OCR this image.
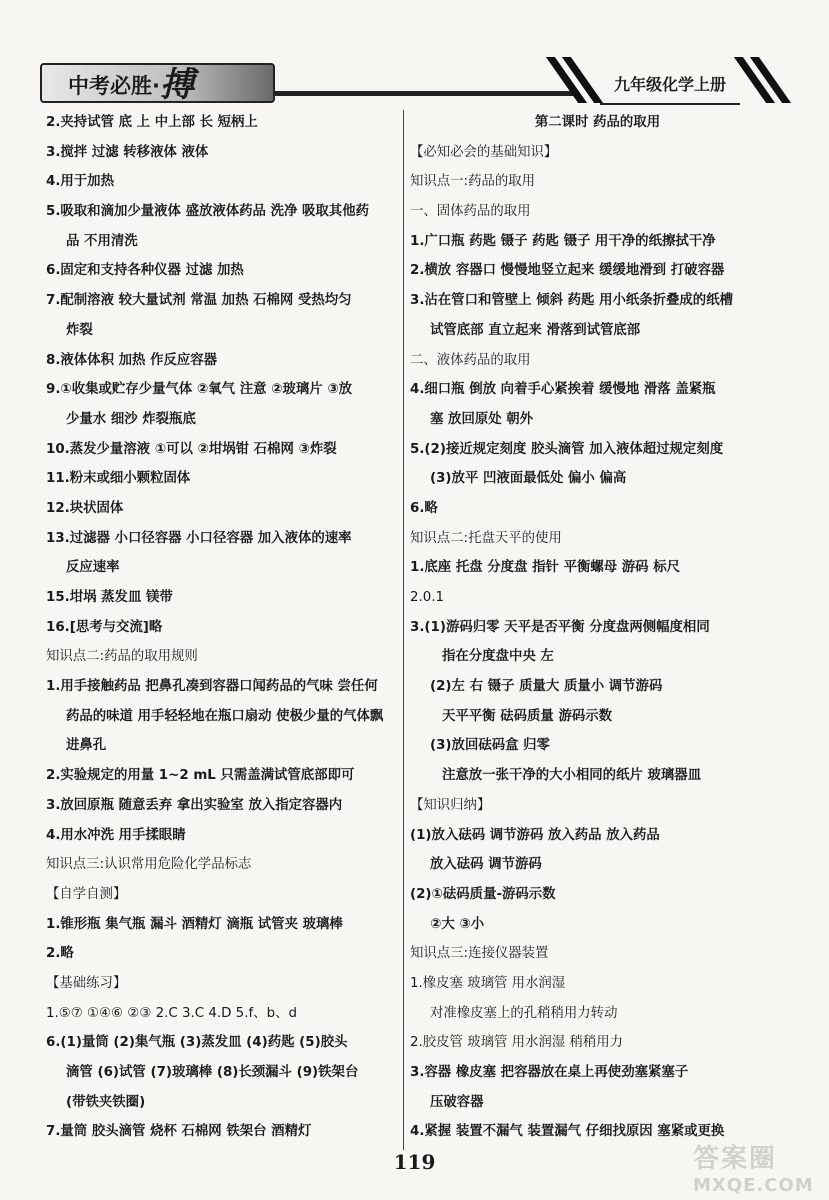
中考必胜·搏	九年级化学上册
2.夹持试管 底 上 中上部 长 短柄上
3.搅拌 过滤 转移液体 液体
4.用于加热
5.吸取和滴加少量液体 盛放液体药品 洗净 吸取其他药
品 不用清洗
6.固定和支持各种仪器 过滤 加热
7.配制溶液 较大量试剂 常温 加热 石棉网 受热均匀
炸裂
8.液体体积 加热 作反应容器
9.①收集或贮存少量气体 ②氧气 注意 ②玻璃片 ③放
少量水 细沙 炸裂瓶底
10.蒸发少量溶液 ①可以 ②坩埚钳 石棉网 ③炸裂
11.粉末或细小颗粒固体
12.块状固体
13.过滤器 小口径容器 小口径容器 加入液体的速率
反应速率
15.坩埚 蒸发皿 镁带
16.[思考与交流]略
知识点二:药品的取用规则
1.用手接触药品 把鼻孔凑到容器口闻药品的气味 尝任何
药品的味道 用手轻轻地在瓶口扇动 使极少量的气体飘
进鼻孔
2.实验规定的用量 1~2 mL 只需盖满试管底部即可
3.放回原瓶 随意丢弃 拿出实验室 放入指定容器内
4.用水冲洗 用手揉眼睛
知识点三:认识常用危险化学品标志
【自学自测】
1.锥形瓶 集气瓶 漏斗 酒精灯 滴瓶 试管夹 玻璃棒
2.略
【基础练习】
1.⑤⑦ ①④⑥ ②③ 2.C 3.C 4.D 5.f、b、d
6.(1)量筒 (2)集气瓶 (3)蒸发皿 (4)药匙 (5)胶头
滴管 (6)试管 (7)玻璃棒 (8)长颈漏斗 (9)铁架台
(带铁夹铁圈)
7.量筒 胶头滴管 烧杯 石棉网 铁架台 酒精灯
第二课时 药品的取用
【必知必会的基础知识】
知识点一:药品的取用
一、固体药品的取用
1.广口瓶 药匙 镊子 药匙 镊子 用干净的纸擦拭干净
2.横放 容器口 慢慢地竖立起来 缓缓地滑到 打破容器
3.沾在管口和管壁上 倾斜 药匙 用小纸条折叠成的纸槽
试管底部 直立起来 滑落到试管底部
二、液体药品的取用
4.细口瓶 倒放 向着手心紧挨着 缓慢地 滑落 盖紧瓶
塞 放回原处 朝外
5.(2)接近规定刻度 胶头滴管 加入液体超过规定刻度
(3)放平 凹液面最低处 偏小 偏高
6.略
知识点二:托盘天平的使用
1.底座 托盘 分度盘 指针 平衡螺母 游码 标尺
2.0.1
3.(1)游码归零 天平是否平衡 分度盘两侧幅度相同
指在分度盘中央 左
(2)左 右 镊子 质量大 质量小 调节游码
天平平衡 砝码质量 游码示数
(3)放回砝码盒 归零
注意放一张干净的大小相同的纸片 玻璃器皿
【知识归纳】
(1)放入砝码 调节游码 放入药品 放入药品
放入砝码 调节游码
(2)①砝码质量-游码示数
②大 ③小
知识点三:连接仪器装置
1.橡皮塞 玻璃管 用水润湿
对准橡皮塞上的孔稍稍用力转动
2.胶皮管 玻璃管 用水润湿 稍稍用力
3.容器 橡皮塞 把容器放在桌上再使劲塞紧塞子
压破容器
4.紧握 装置不漏气 装置漏气 仔细找原因 塞紧或更换
119	答案圈
MXQE.COM
